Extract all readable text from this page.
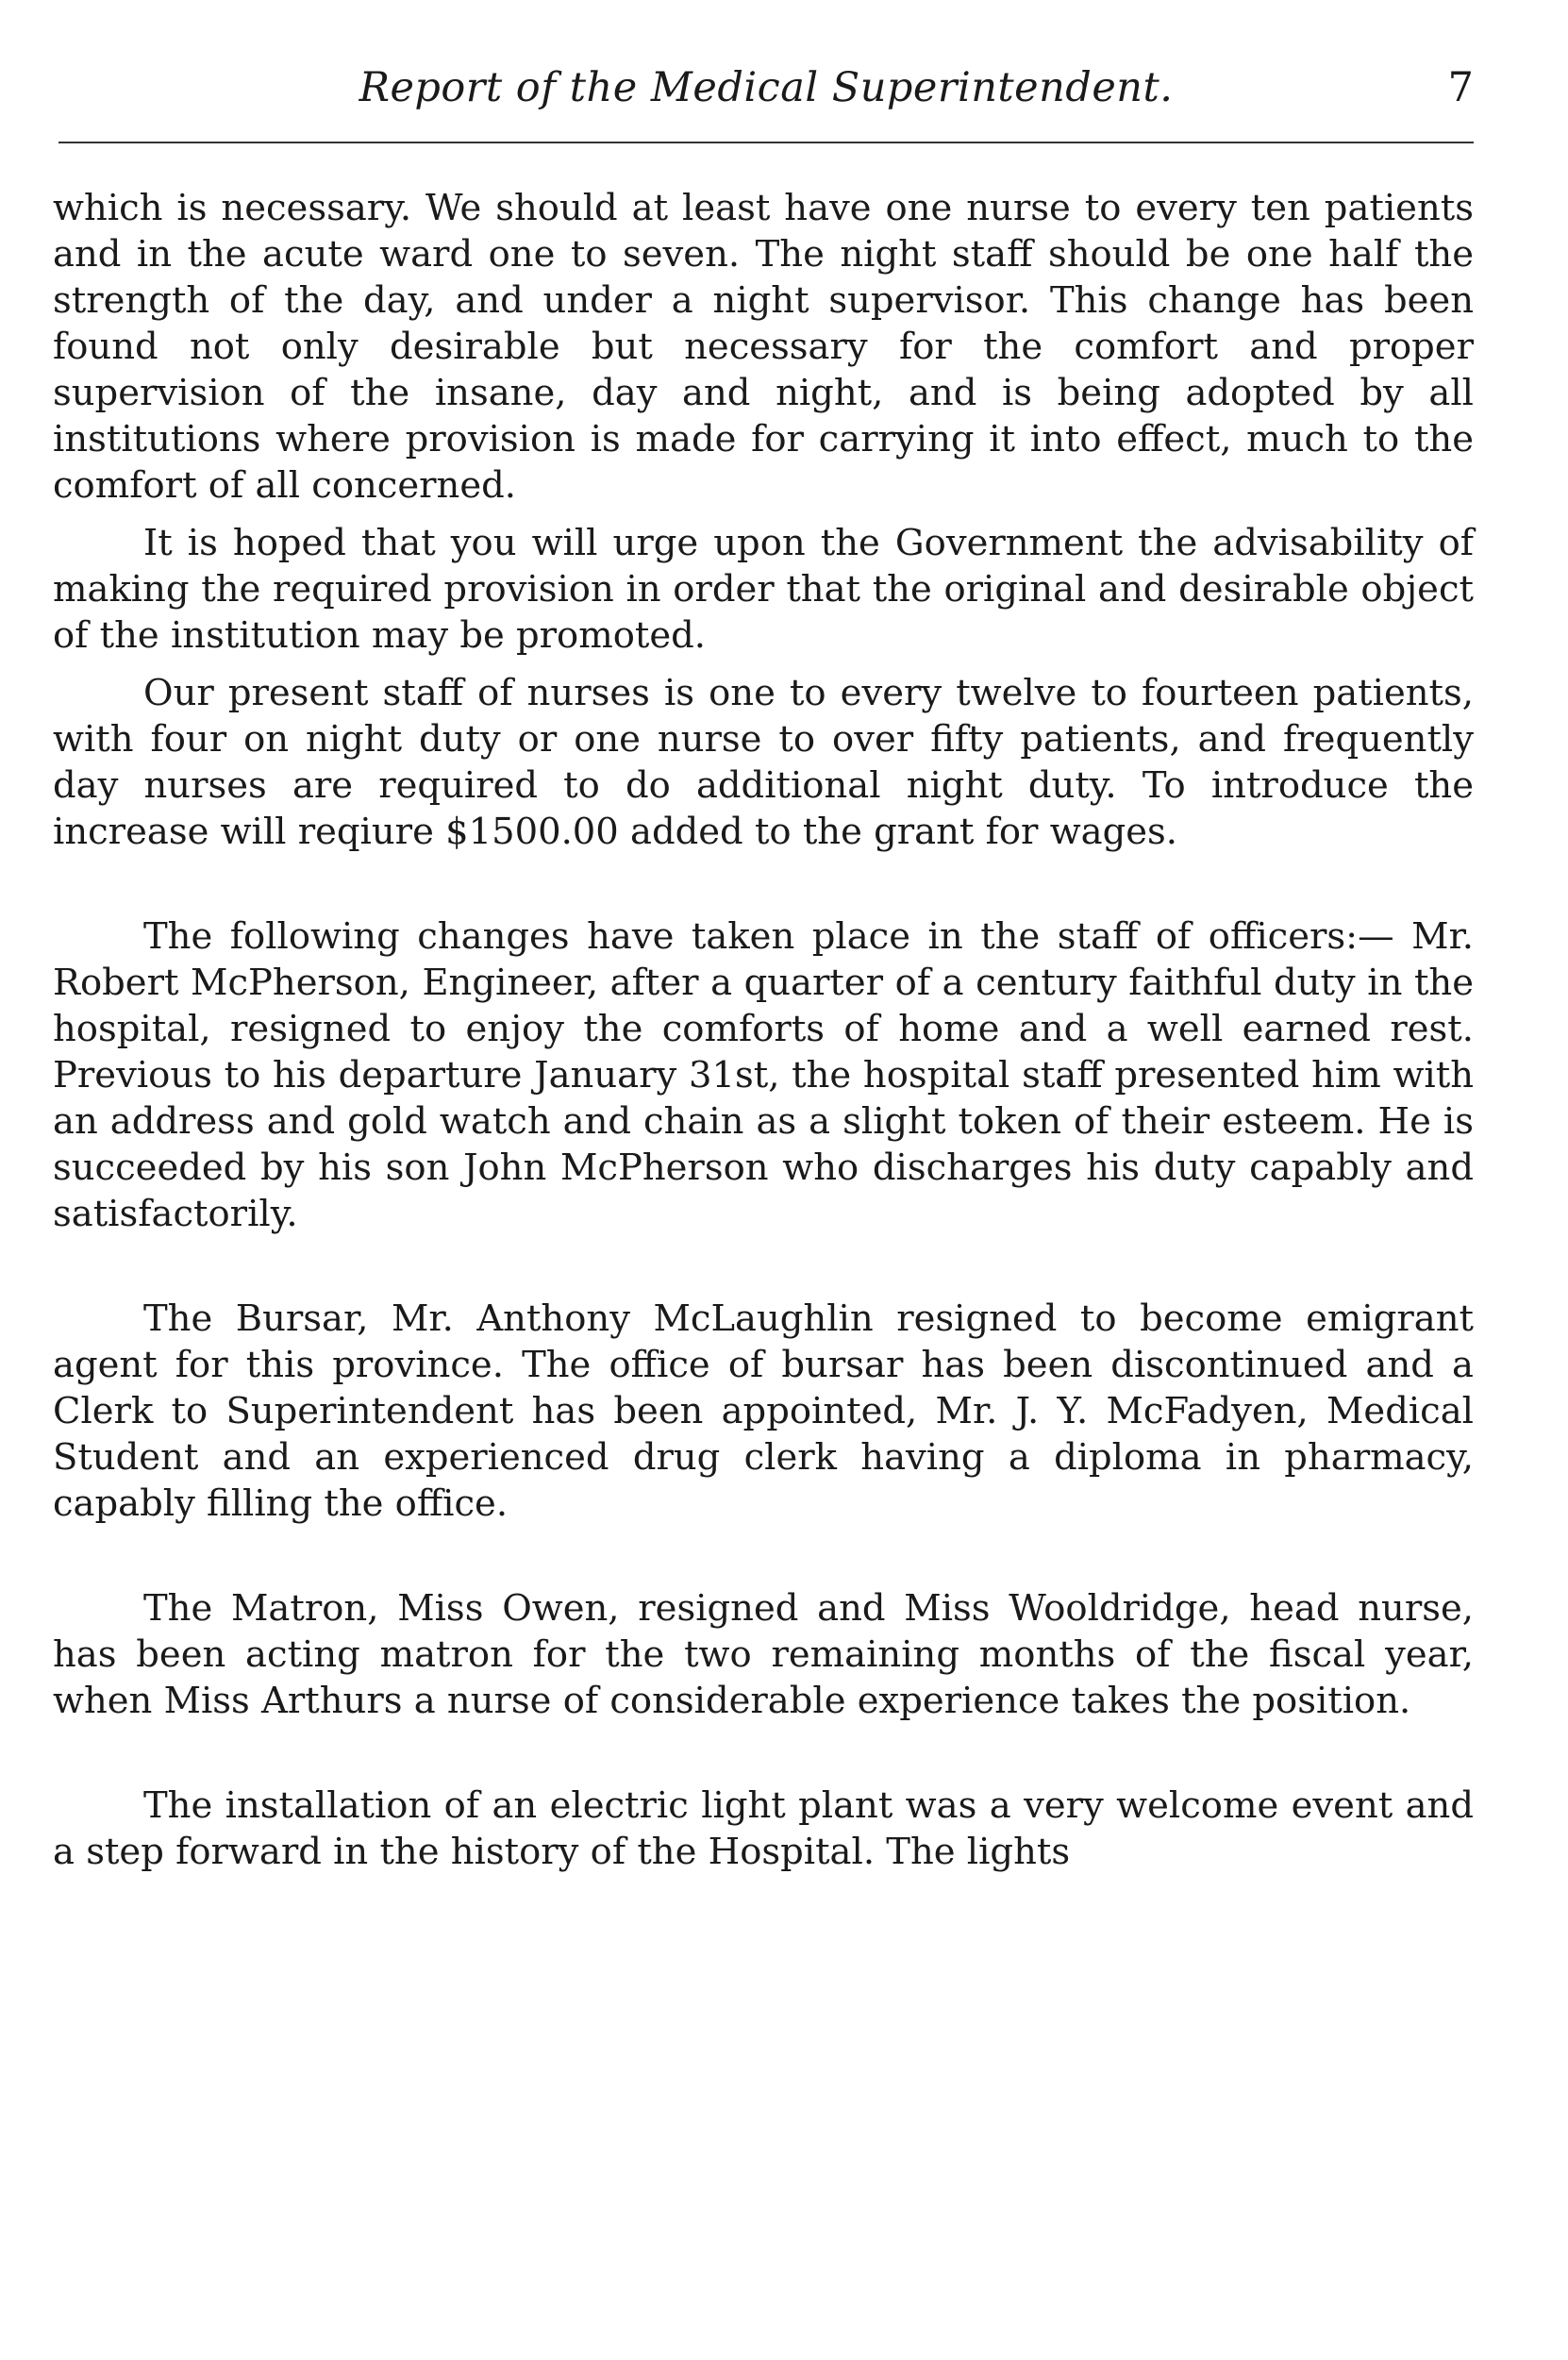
Report of the Medical Superintendent.	7

which is necessary. We should at least have one nurse to every ten patients and in the acute ward one to seven. The night staff should be one half the strength of the day, and under a night supervisor. This change has been found not only desirable but necessary for the comfort and proper supervision of the insane, day and night, and is being adopted by all institutions where provision is made for carrying it into effect, much to the comfort of all concerned.

It is hoped that you will urge upon the Government the advisability of making the required provision in order that the original and desirable object of the institution may be promoted.

Our present staff of nurses is one to every twelve to fourteen patients, with four on night duty or one nurse to over fifty patients, and frequently day nurses are required to do additional night duty. To introduce the increase will reqiure $1500.00 added to the grant for wages.

The following changes have taken place in the staff of officers:— Mr. Robert McPherson, Engineer, after a quarter of a century faithful duty in the hospital, resigned to enjoy the comforts of home and a well earned rest. Previous to his departure January 31st, the hospital staff presented him with an address and gold watch and chain as a slight token of their esteem. He is succeeded by his son John McPherson who discharges his duty capably and satisfactorily.

The Bursar, Mr. Anthony McLaughlin resigned to become emigrant agent for this province. The office of bursar has been discontinued and a Clerk to Superintendent has been appointed, Mr. J. Y. McFadyen, Medical Student and an experienced drug clerk having a diploma in pharmacy, capably filling the office.

The Matron, Miss Owen, resigned and Miss Wooldridge, head nurse, has been acting matron for the two remaining months of the fiscal year, when Miss Arthurs a nurse of considerable experience takes the position.

The installation of an electric light plant was a very welcome event and a step forward in the history of the Hospital. The lights
